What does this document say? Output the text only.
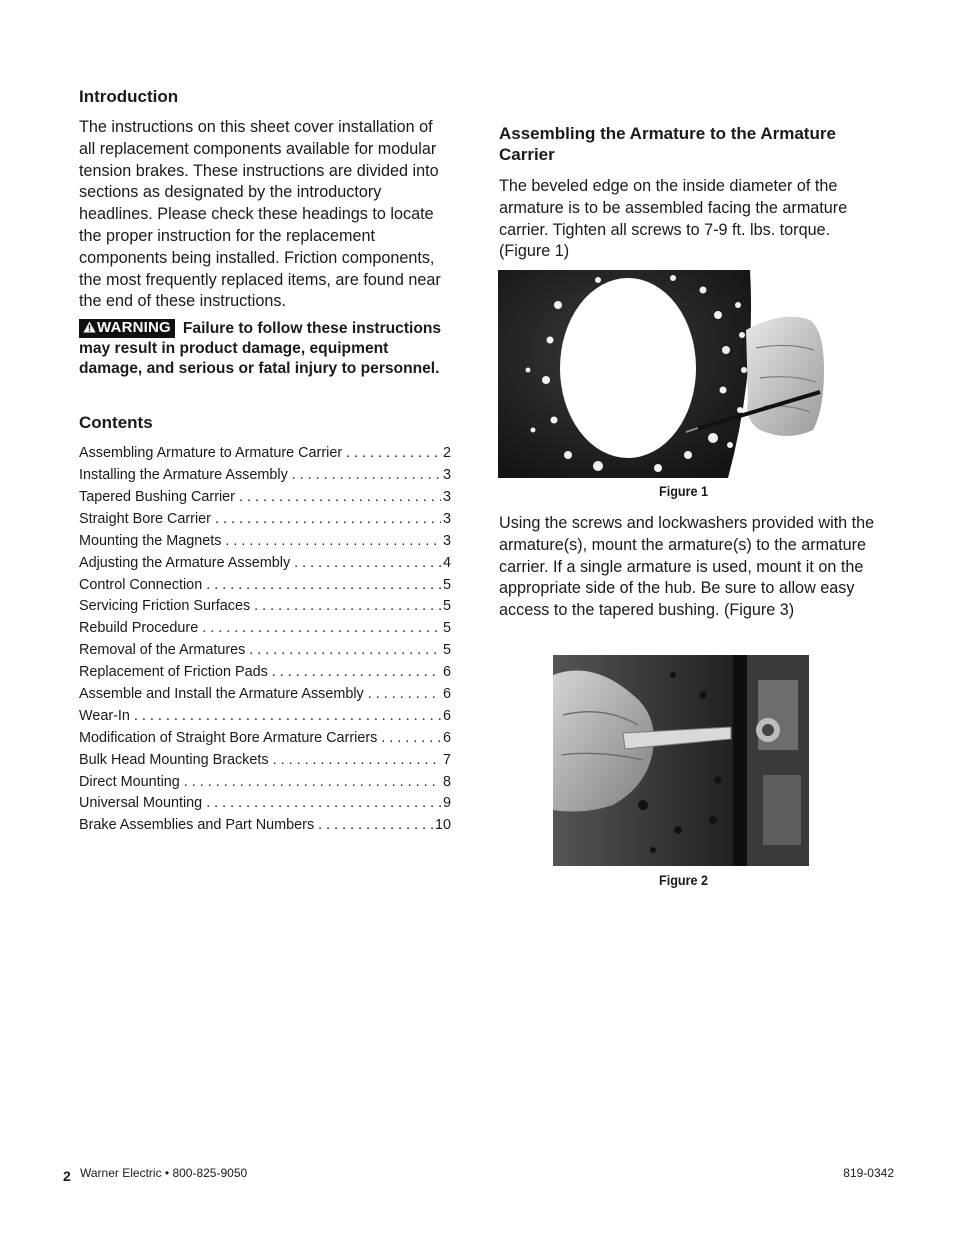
Introduction

The instructions on this sheet cover installation of all replacement components available for modular tension brakes. These instructions are divided into sections as designated by the introductory headlines. Please check these headings to locate the proper instruction for the replacement components being installed. Friction components, the most frequently replaced items, are found near the end of these instructions.

WARNING Failure to follow these instructions may result in product damage, equipment damage, and serious or fatal injury to personnel.
Contents
Assembling Armature to Armature Carrier . . .	2
Installing the Armature Assembly . . .	3
Tapered Bushing Carrier . . .	3
Straight Bore Carrier . . .	3
Mounting the Magnets . . .	3
Adjusting the Armature Assembly . . .	4
Control Connection . . .	5
Servicing Friction Surfaces . . .	5
Rebuild Procedure . . .	5
Removal of the Armatures . . .	5
Replacement of Friction Pads . . .	6
Assemble and Install the Armature Assembly . . .	6
Wear-In . . .	6
Modification of Straight Bore Armature Carriers . . .	6
Bulk Head Mounting Brackets . . .	7
Direct Mounting . . .	8
Universal Mounting . . .	9
Brake Assemblies and Part Numbers . . .	10
Assembling the Armature to the Armature Carrier

The beveled edge on the inside diameter of the armature is to be assembled facing the armature carrier. Tighten all screws to 7-9 ft. lbs. torque. (Figure 1)

Figure 1

Using the screws and lockwashers provided with the armature(s), mount the armature(s) to the armature carrier. If a single armature is used, mount it on the appropriate side of the hub. Be sure to allow easy access to the tapered bushing. (Figure 3)

Figure 2
2 Warner Electric • 800-825-9050	819-0342
